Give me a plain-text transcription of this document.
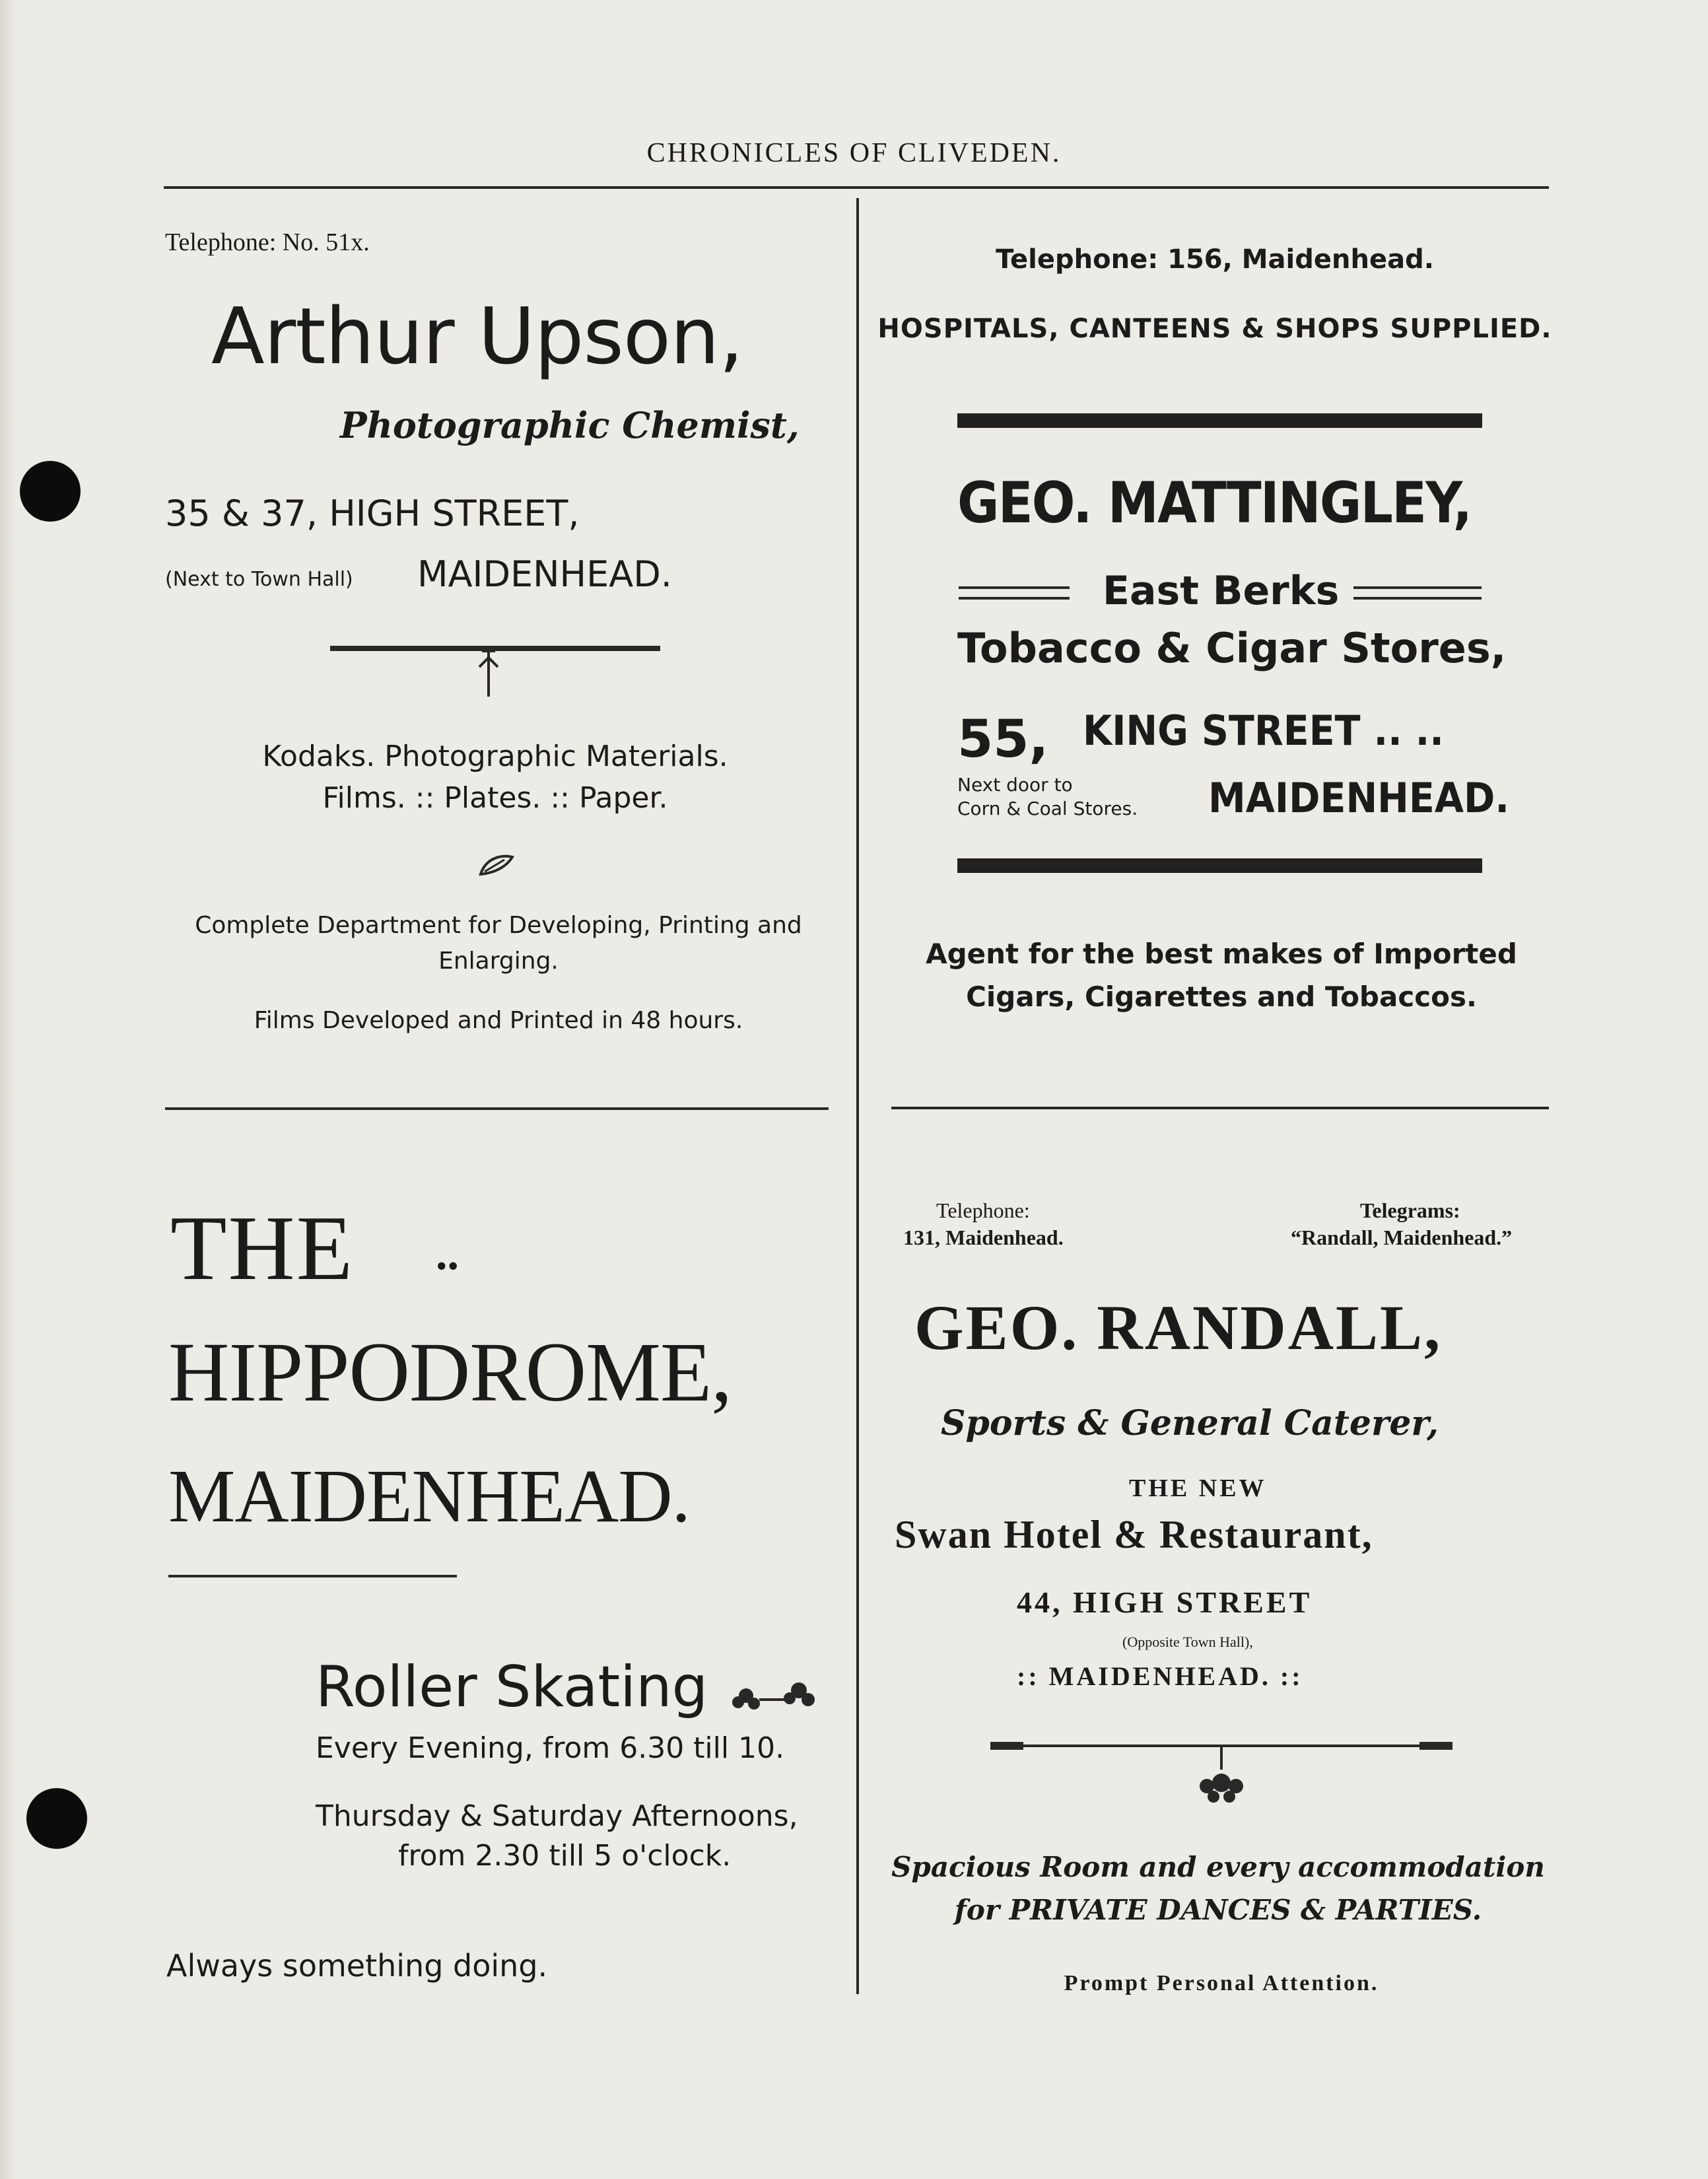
CHRONICLES OF CLIVEDEN.
Telephone: No. 51x.
Arthur Upson,
Photographic Chemist,
35 & 37, HIGH STREET,
(Next to Town Hall) MAIDENHEAD.
Kodaks. Photographic Materials.
Films. :: Plates. :: Paper.
Complete Department for Developing, Printing and Enlarging.
Films Developed and Printed in 48 hours.
Telephone: 156, Maidenhead.
HOSPITALS, CANTEENS & SHOPS SUPPLIED.
GEO. MATTINGLEY,
East Berks
Tobacco & Cigar Stores,
55, KING STREET .. ..
Next door to
Corn & Coal Stores. MAIDENHEAD.
Agent for the best makes of Imported
Cigars, Cigarettes and Tobaccos.
THE ..
HIPPODROME,
MAIDENHEAD.
Roller Skating
Every Evening, from 6.30 till 10.
Thursday & Saturday Afternoons,
from 2.30 till 5 o'clock.
Always something doing.
Telephone:
131, Maidenhead.
Telegrams:
“Randall, Maidenhead.”
GEO. RANDALL,
Sports & General Caterer,
THE NEW
Swan Hotel & Restaurant,
44, HIGH STREET
(Opposite Town Hall),
:: MAIDENHEAD. ::
Spacious Room and every accommodation
for PRIVATE DANCES & PARTIES.
Prompt Personal Attention.
